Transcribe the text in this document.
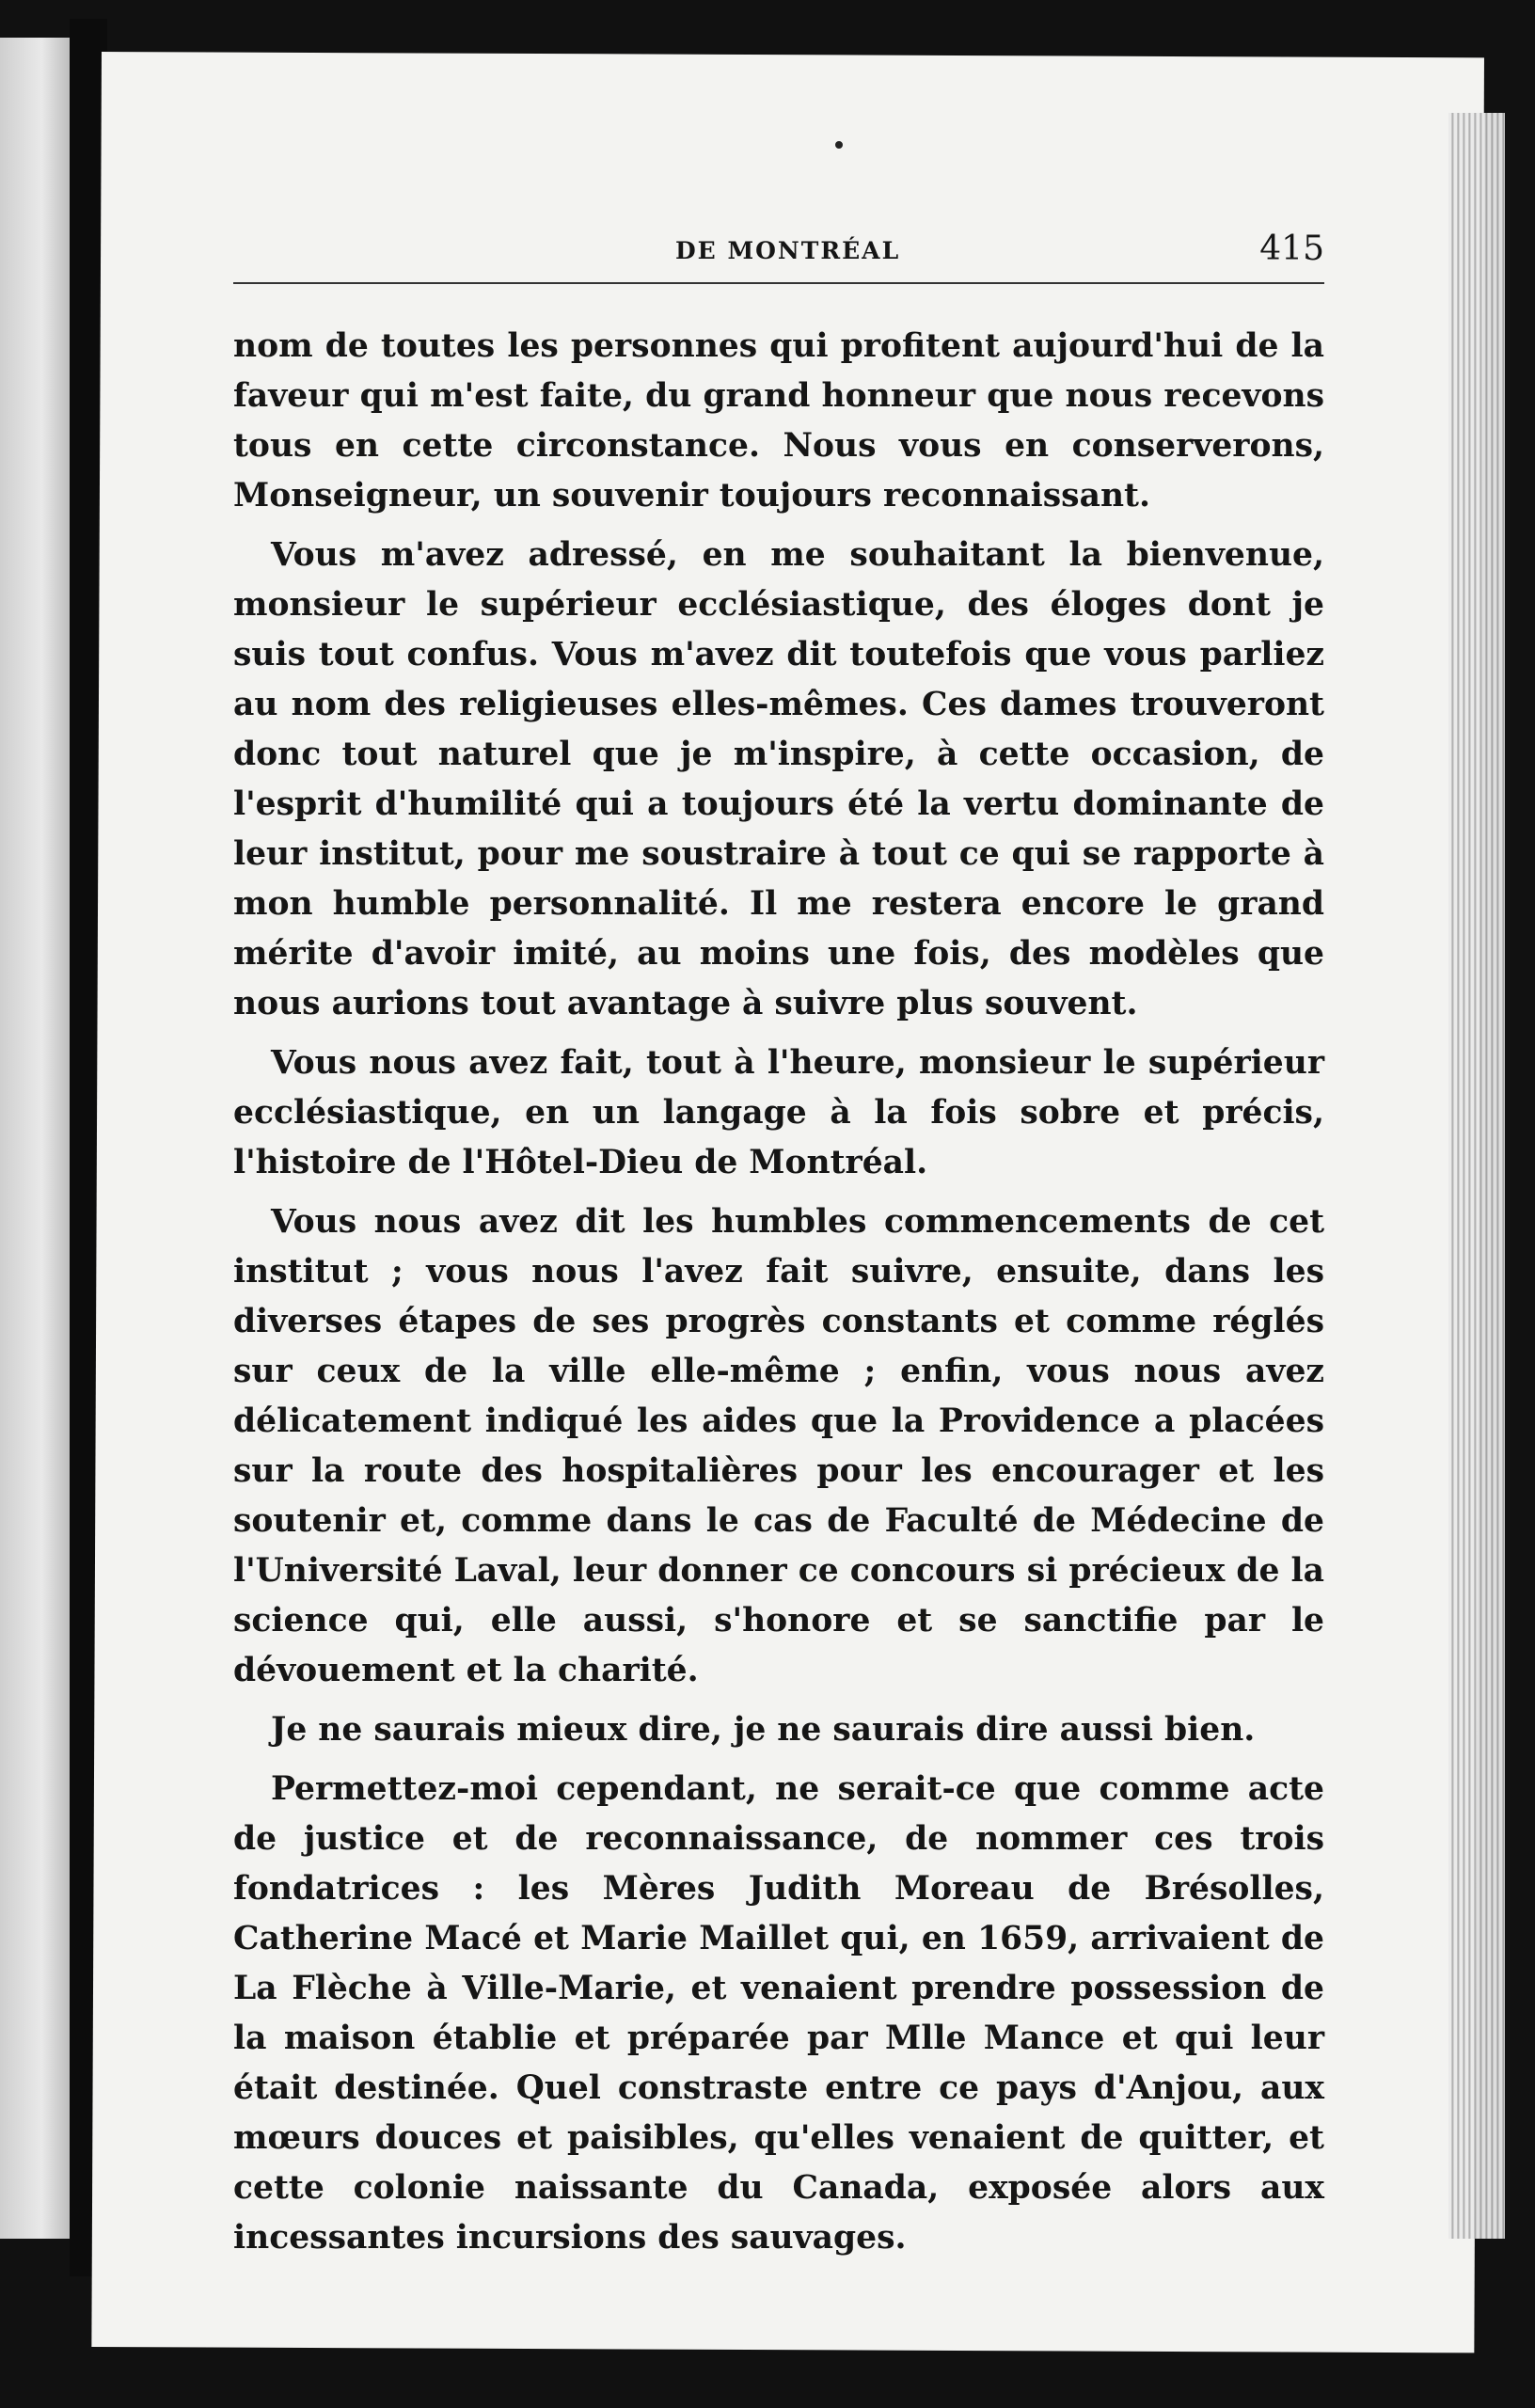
DE MONTRÉAL	415

nom de toutes les personnes qui profitent aujourd'hui de la faveur qui m'est faite, du grand honneur que nous recevons tous en cette circonstance. Nous vous en conserverons, Monseigneur, un souvenir toujours reconnaissant.

Vous m'avez adressé, en me souhaitant la bienvenue, monsieur le supérieur ecclésiastique, des éloges dont je suis tout confus. Vous m'avez dit toutefois que vous parliez au nom des religieuses elles-mêmes. Ces dames trouveront donc tout naturel que je m'inspire, à cette occasion, de l'esprit d'humilité qui a toujours été la vertu dominante de leur institut, pour me soustraire à tout ce qui se rapporte à mon humble personnalité. Il me restera encore le grand mérite d'avoir imité, au moins une fois, des modèles que nous aurions tout avantage à suivre plus souvent.

Vous nous avez fait, tout à l'heure, monsieur le supérieur ecclésiastique, en un langage à la fois sobre et précis, l'histoire de l'Hôtel-Dieu de Montréal.

Vous nous avez dit les humbles commencements de cet institut ; vous nous l'avez fait suivre, ensuite, dans les diverses étapes de ses progrès constants et comme réglés sur ceux de la ville elle-même ; enfin, vous nous avez délicatement indiqué les aides que la Providence a placées sur la route des hospitalières pour les encourager et les soutenir et, comme dans le cas de Faculté de Médecine de l'Université Laval, leur donner ce concours si précieux de la science qui, elle aussi, s'honore et se sanctifie par le dévouement et la charité.

Je ne saurais mieux dire, je ne saurais dire aussi bien.

Permettez-moi cependant, ne serait-ce que comme acte de justice et de reconnaissance, de nommer ces trois fondatrices : les Mères Judith Moreau de Brésolles, Catherine Macé et Marie Maillet qui, en 1659, arrivaient de La Flèche à Ville-Marie, et venaient prendre possession de la maison établie et préparée par Mlle Mance et qui leur était destinée. Quel constraste entre ce pays d'Anjou, aux mœurs douces et paisibles, qu'elles venaient de quitter, et cette colonie naissante du Canada, exposée alors aux incessantes incursions des sauvages.
